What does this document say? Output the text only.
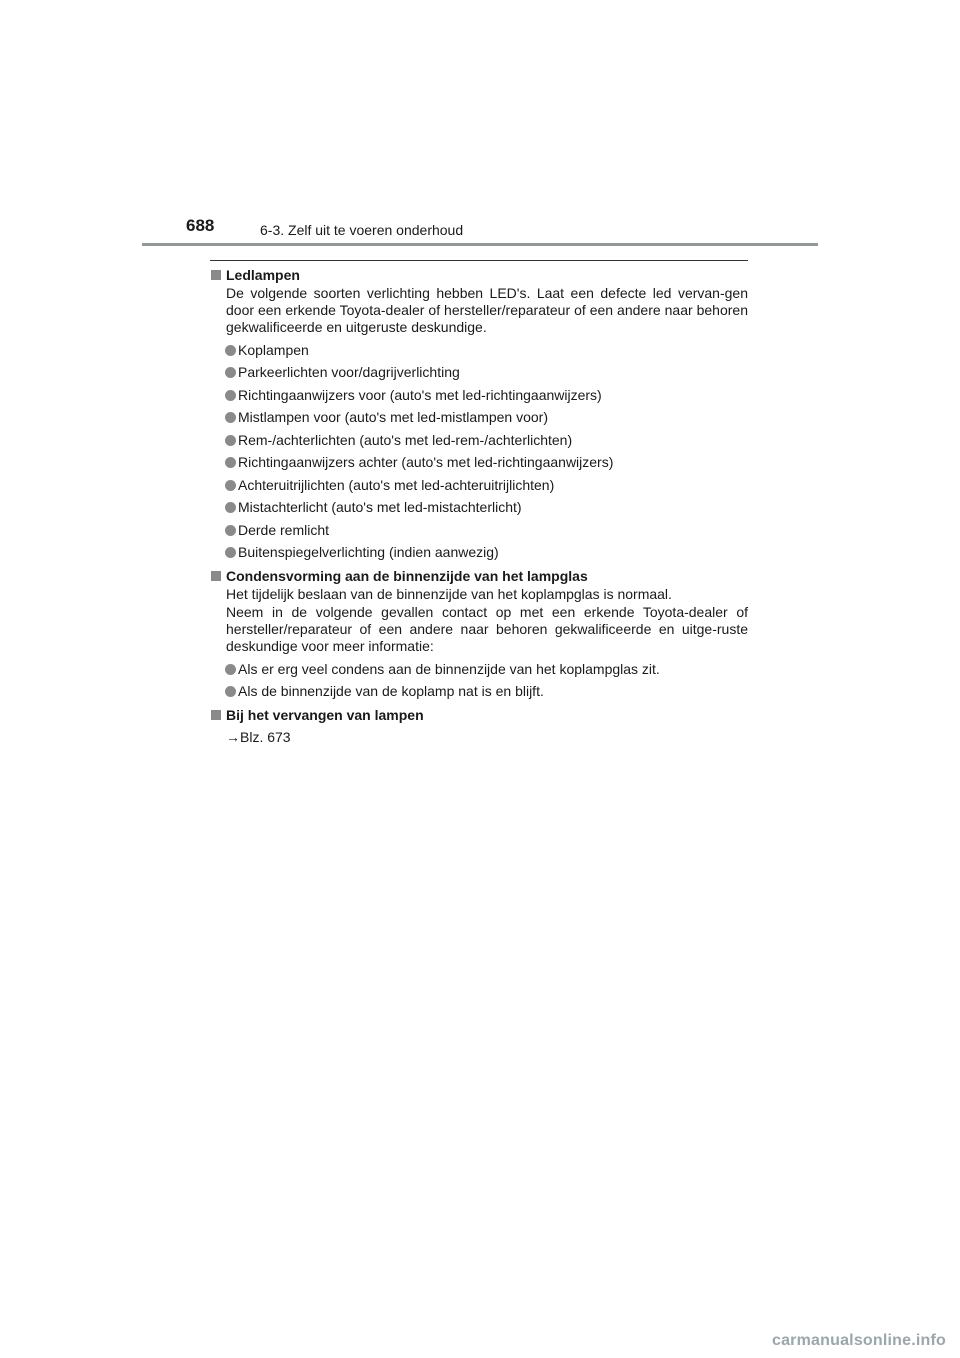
688	6-3. Zelf uit te voeren onderhoud
Ledlampen
De volgende soorten verlichting hebben LED's. Laat een defecte led vervan-gen door een erkende Toyota-dealer of hersteller/reparateur of een andere naar behoren gekwalificeerde en uitgeruste deskundige.
Koplampen
Parkeerlichten voor/dagrijverlichting
Richtingaanwijzers voor (auto's met led-richtingaanwijzers)
Mistlampen voor (auto's met led-mistlampen voor)
Rem-/achterlichten (auto's met led-rem-/achterlichten)
Richtingaanwijzers achter (auto's met led-richtingaanwijzers)
Achteruitrijlichten (auto's met led-achteruitrijlichten)
Mistachterlicht (auto's met led-mistachterlicht)
Derde remlicht
Buitenspiegelverlichting (indien aanwezig)
Condensvorming aan de binnenzijde van het lampglas
Het tijdelijk beslaan van de binnenzijde van het koplampglas is normaal.
Neem in de volgende gevallen contact op met een erkende Toyota-dealer of hersteller/reparateur of een andere naar behoren gekwalificeerde en uitge-ruste deskundige voor meer informatie:
Als er erg veel condens aan de binnenzijde van het koplampglas zit.
Als de binnenzijde van de koplamp nat is en blijft.
Bij het vervangen van lampen
→Blz. 673
carmanualsonline.info
